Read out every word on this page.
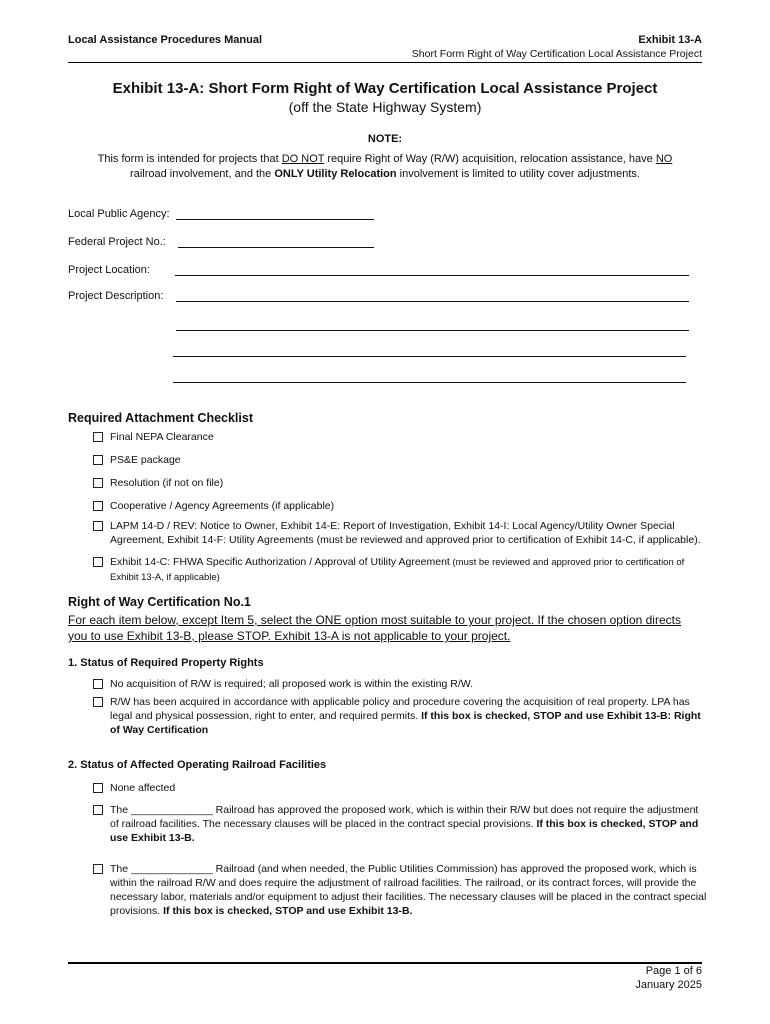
Local Assistance Procedures Manual	Exhibit 13-A
Short Form Right of Way Certification Local Assistance Project
Exhibit 13-A: Short Form Right of Way Certification Local Assistance Project
(off the State Highway System)
NOTE:
This form is intended for projects that DO NOT require Right of Way (R/W) acquisition, relocation assistance, have NO railroad involvement, and the ONLY Utility Relocation involvement is limited to utility cover adjustments.
Local Public Agency:
Federal Project No.:
Project Location:
Project Description:
Required Attachment Checklist
Final NEPA Clearance
PS&E package
Resolution (if not on file)
Cooperative / Agency Agreements (if applicable)
LAPM 14-D / REV: Notice to Owner, Exhibit 14-E: Report of Investigation, Exhibit 14-I: Local Agency/Utility Owner Special Agreement, Exhibit 14-F: Utility Agreements (must be reviewed and approved prior to certification of Exhibit 14-C, if applicable).
Exhibit 14-C: FHWA Specific Authorization / Approval of Utility Agreement (must be reviewed and approved prior to certification of Exhibit 13-A, if applicable)
Right of Way Certification No.1
For each item below, except Item 5, select the ONE option most suitable to your project. If the chosen option directs you to use Exhibit 13-B, please STOP. Exhibit 13-A is not applicable to your project.
1. Status of Required Property Rights
No acquisition of R/W is required; all proposed work is within the existing R/W.
R/W has been acquired in accordance with applicable policy and procedure covering the acquisition of real property. LPA has legal and physical possession, right to enter, and required permits. If this box is checked, STOP and use Exhibit 13-B: Right of Way Certification
2. Status of Affected Operating Railroad Facilities
None affected
The ______________ Railroad has approved the proposed work, which is within their R/W but does not require the adjustment of railroad facilities. The necessary clauses will be placed in the contract special provisions. If this box is checked, STOP and use Exhibit 13-B.
The ______________ Railroad (and when needed, the Public Utilities Commission) has approved the proposed work, which is within the railroad R/W and does require the adjustment of railroad facilities. The railroad, or its contract forces, will provide the necessary labor, materials and/or equipment to adjust their facilities. The necessary clauses will be placed in the contract special provisions. If this box is checked, STOP and use Exhibit 13-B.
Page 1 of 6
January 2025
